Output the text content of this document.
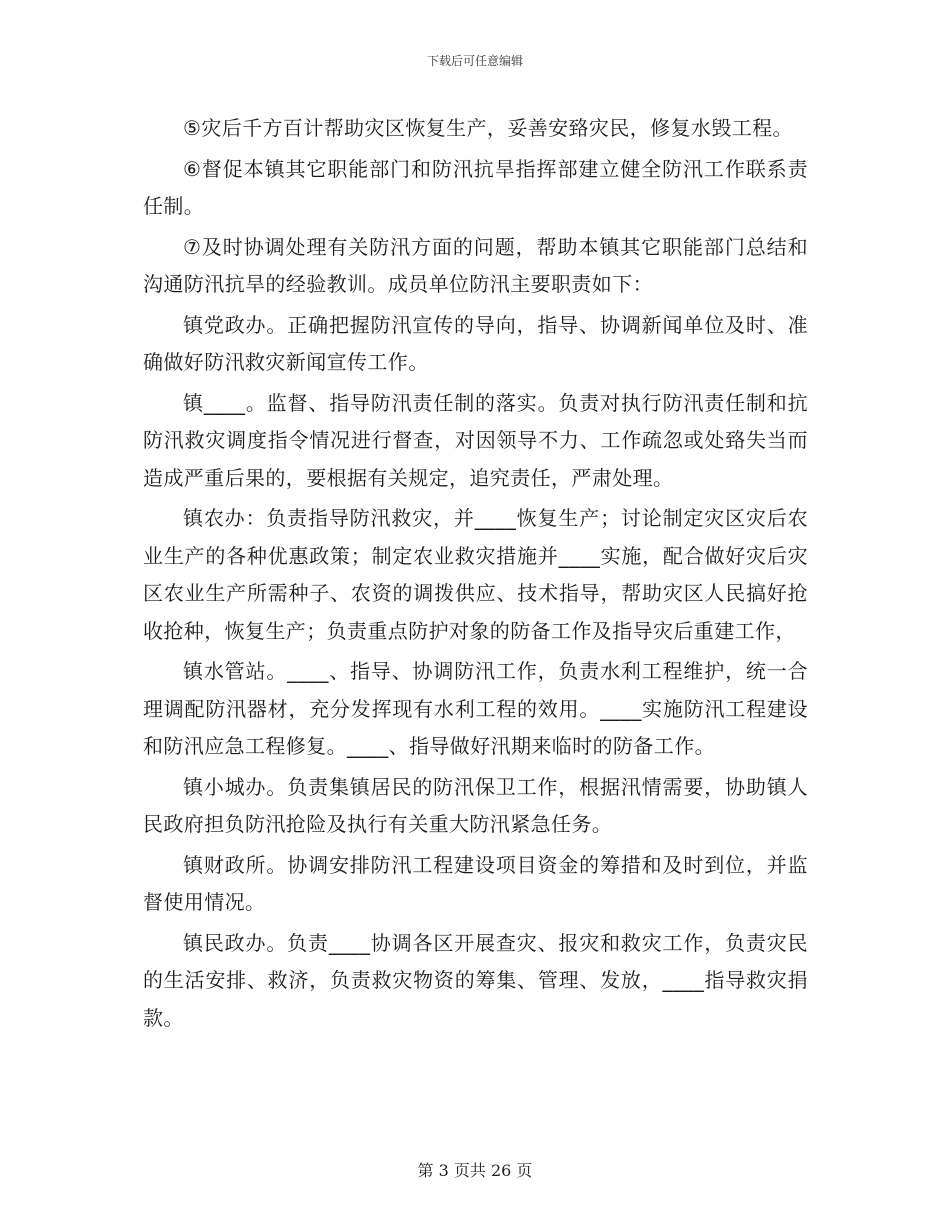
下载后可任意编辑

⑤灾后千方百计帮助灾区恢复生产，妥善安臵灾民，修复水毁工程。

⑥督促本镇其它职能部门和防汛抗旱指挥部建立健全防汛工作联系责任制。

⑦及时协调处理有关防汛方面的问题，帮助本镇其它职能部门总结和沟通防汛抗旱的经验教训。成员单位防汛主要职责如下：

镇党政办。正确把握防汛宣传的导向，指导、协调新闻单位及时、准确做好防汛救灾新闻宣传工作。

镇____。监督、指导防汛责任制的落实。负责对执行防汛责任制和抗防汛救灾调度指令情况进行督查，对因领导不力、工作疏忽或处臵失当而造成严重后果的，要根据有关规定，追究责任，严肃处理。

镇农办：负责指导防汛救灾，并____恢复生产；讨论制定灾区灾后农业生产的各种优惠政策；制定农业救灾措施并____实施，配合做好灾后灾区农业生产所需种子、农资的调拨供应、技术指导，帮助灾区人民搞好抢收抢种，恢复生产；负责重点防护对象的防备工作及指导灾后重建工作，

镇水管站。____、指导、协调防汛工作，负责水利工程维护，统一合理调配防汛器材，充分发挥现有水利工程的效用。____实施防汛工程建设和防汛应急工程修复。____、指导做好汛期来临时的防备工作。

镇小城办。负责集镇居民的防汛保卫工作，根据汛情需要，协助镇人民政府担负防汛抢险及执行有关重大防汛紧急任务。

镇财政所。协调安排防汛工程建设项目资金的筹措和及时到位，并监督使用情况。

镇民政办。负责____协调各区开展查灾、报灾和救灾工作，负责灾民的生活安排、救济，负责救灾物资的筹集、管理、发放，____指导救灾捐款。

第 3 页共 26 页
